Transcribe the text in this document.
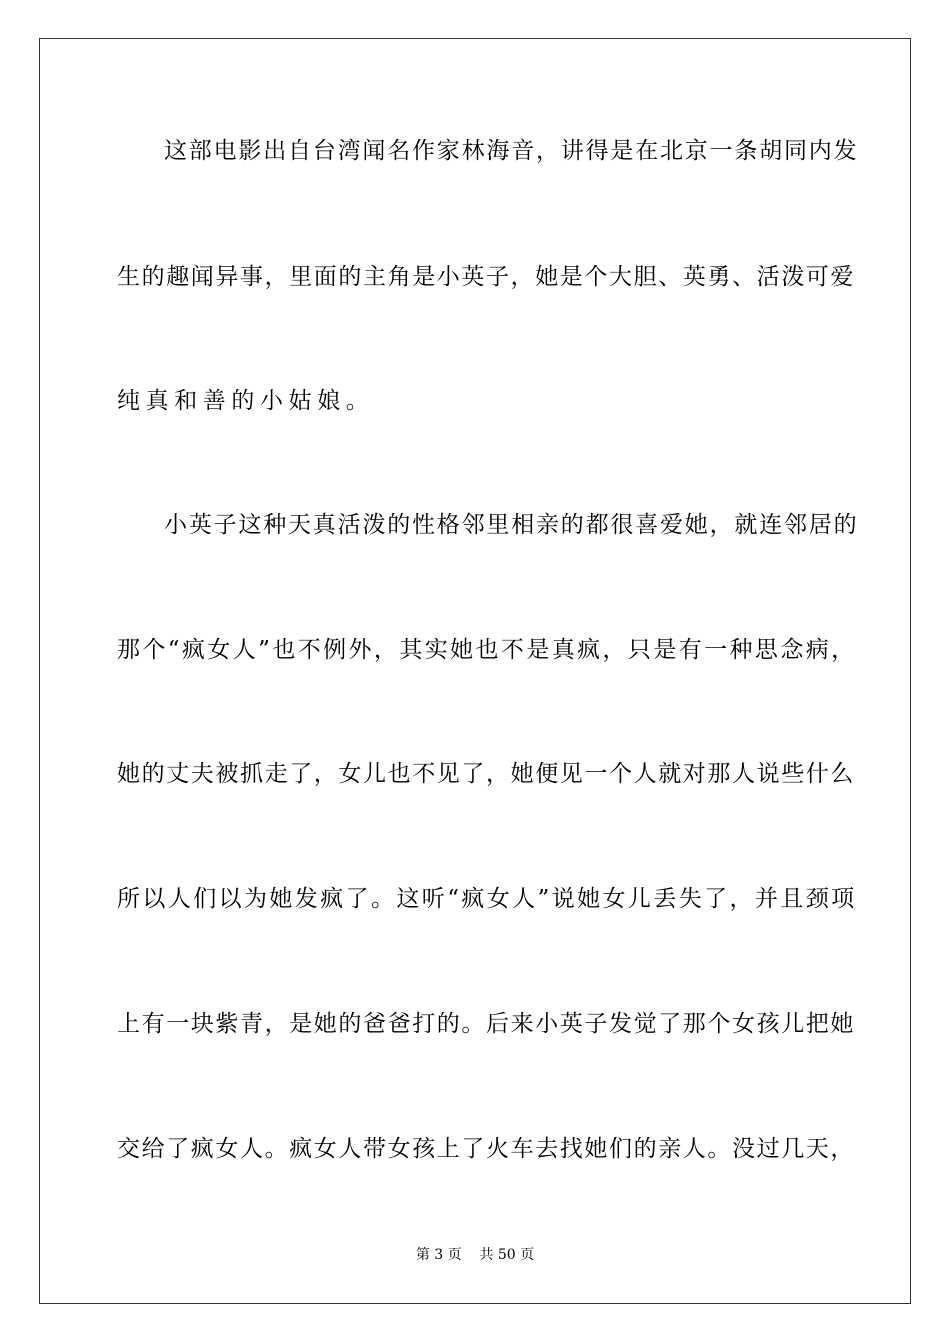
这部电影出自台湾闻名作家林海音，讲得是在北京一条胡同内发
生的趣闻异事，里面的主角是小英子，她是个大胆、英勇、活泼可爱
纯真和善的小姑娘。
小英子这种天真活泼的性格邻里相亲的都很喜爱她，就连邻居的
那个“疯女人”也不例外，其实她也不是真疯，只是有一种思念病，
她的丈夫被抓走了，女儿也不见了，她便见一个人就对那人说些什么
所以人们以为她发疯了。这听“疯女人”说她女儿丢失了，并且颈项
上有一块紫青，是她的爸爸打的。后来小英子发觉了那个女孩儿把她
交给了疯女人。疯女人带女孩上了火车去找她们的亲人。没过几天，
第 3 页    共 50 页
